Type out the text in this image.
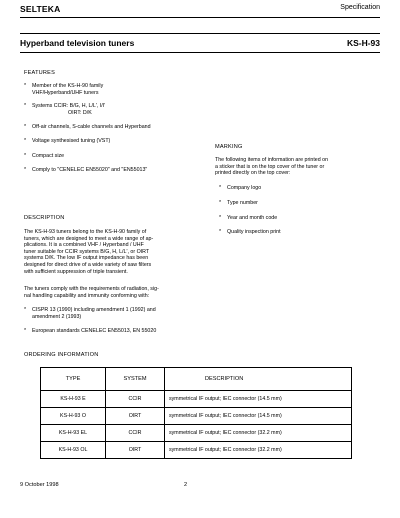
SELTEKA	Specification
Hyperband television tuners	KS-H-93
FEATURES
* Member of the KS-H-90 family
VHF/Hyperband/UHF tuners
* Systems CCIR: B/G, H, L/L', I/I'
OIRT: D/K
* Off-air channels, S-cable channels and Hyperband
* Voltage synthesised tuning (VST)
* Compact size
* Comply to "CENELEC EN55020" and "EN55013"
MARKING
The following items of information are printed on
a sticker that is on the top cover of the tuner or
printed directly on the top cover:
* Company logo
* Type number
* Year and month code
* Quality inspection print
DESCRIPTION
The KS-H-93 tuners belong to the KS-H-90 family of
tuners, which are designed to meet a wide range of ap-
plications. It is a combined VHF / Hyperband / UHF
tuner suitable for CCIR systems B/G, H, L/L', or OIRT
systems D/K. The low IF output impedance has been
designed for direct drive of a wide variety of saw filters
with sufficient suppression of triple transient.
The tuners comply with the requirements of radiation, sig-
nal handling capability and immunity conforming with:
* CISPR 13 (1990) including amendment 1 (1992) and
amendment 2 (1993)
* European standards CENELEC EN55013, EN 55020
ORDERING INFORMATION
TYPE	SYSTEM	DESCRIPTION
KS-H-93 E	CCIR	symmetrical IF output; IEC connector (14.5 mm)
KS-H-93 O	OIRT	symmetrical IF output; IEC connector (14.5 mm)
KS-H-93 EL	CCIR	symmetrical IF output; IEC connector (32.2 mm)
KS-H-93 OL	OIRT	symmetrical IF output; IEC connector (32.2 mm)
9 October 1998	2
